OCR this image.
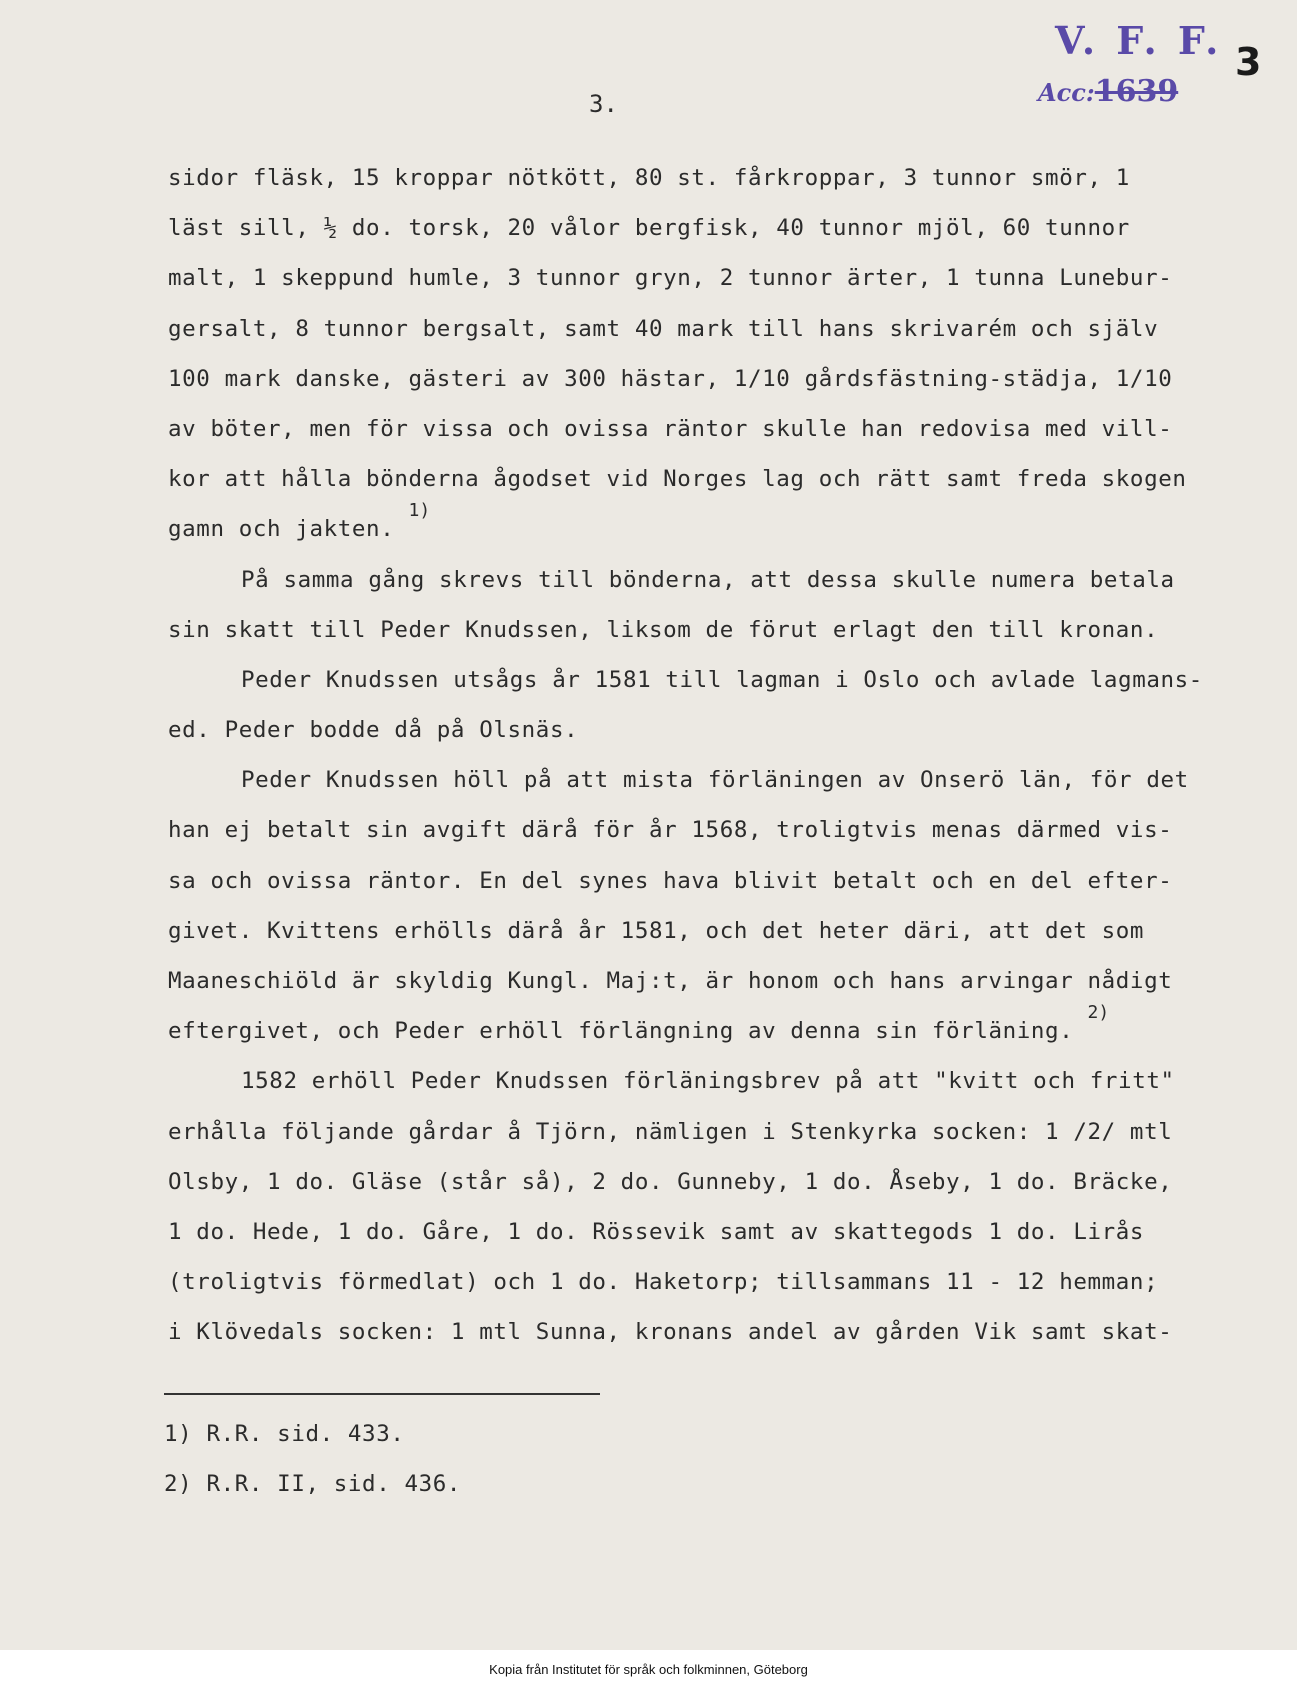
V. F. F.
Acc:1639
3
3.
sidor fläsk, 15 kroppar nötkött, 80 st. fårkroppar, 3 tunnor smör, 1
läst sill, ½ do. torsk, 20 vålor bergfisk, 40 tunnor mjöl, 60 tunnor
malt, 1 skeppund humle, 3 tunnor gryn, 2 tunnor ärter, 1 tunna Lunebur-
gersalt, 8 tunnor bergsalt, samt 40 mark till hans skrivarém och själv
100 mark danske, gästeri av 300 hästar, 1/10 gårdsfästning-städja, 1/10
av böter, men för vissa och ovissa räntor skulle han redovisa med vill-
kor att hålla bönderna ågodset vid Norges lag och rätt samt freda skogen
gamn och jakten. $^{1)}$
På samma gång skrevs till bönderna, att dessa skulle numera betala
sin skatt till Peder Knudssen, liksom de förut erlagt den till kronan.
Peder Knudssen utsågs år 1581 till lagman i Oslo och avlade lagmans-
ed. Peder bodde då på Olsnäs.
Peder Knudssen höll på att mista förläningen av Onserö län, för det
han ej betalt sin avgift därå för år 1568, troligtvis menas därmed vis-
sa och ovissa räntor. En del synes hava blivit betalt och en del efter-
givet. Kvittens erhölls därå år 1581, och det heter däri, att det som
Maaneschiöld är skyldig Kungl. Maj:t, är honom och hans arvingar nådigt
eftergivet, och Peder erhöll förlängning av denna sin förläning. $^{2)}$
1582 erhöll Peder Knudssen förläningsbrev på att "kvitt och fritt"
erhålla följande gårdar å Tjörn, nämligen i Stenkyrka socken: 1 /2/ mtl
Olsby, 1 do. Gläse (står så), 2 do. Gunneby, 1 do. Åseby, 1 do. Bräcke,
1 do. Hede, 1 do. Gåre, 1 do. Rössevik samt av skattegods 1 do. Lirås
(troligtvis förmedlat) och 1 do. Haketorp; tillsammans 11 - 12 hemman;
i Klövedals socken: 1 mtl Sunna, kronans andel av gården Vik samt skat-
1) R.R. sid. 433.
2) R.R. II, sid. 436.
Kopia från Institutet för språk och folkminnen, Göteborg
